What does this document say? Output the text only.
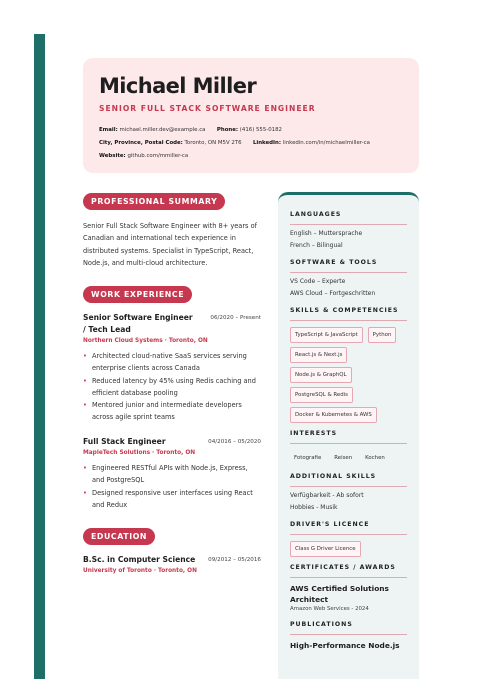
Michael Miller
SENIOR FULL STACK SOFTWARE ENGINEER
Email: michael.miller.dev@example.ca Phone: (416) 555-0182
City, Province, Postal Code: Toronto, ON M5V 2T6 LinkedIn: linkedin.com/in/michaelmiller-ca
Website: github.com/mmiller-ca
PROFESSIONAL SUMMARY
Senior Full Stack Software Engineer with 8+ years of Canadian and international tech experience in distributed systems. Specialist in TypeScript, React, Node.js, and multi-cloud architecture.
WORK EXPERIENCE
Senior Software Engineer / Tech Lead
06/2020 – Present
Northern Cloud Systems · Toronto, ON
• Architected cloud-native SaaS services serving enterprise clients across Canada
• Reduced latency by 45% using Redis caching and efficient database pooling
• Mentored junior and intermediate developers across agile sprint teams
Full Stack Engineer	04/2016 – 05/2020
MapleTech Solutions · Toronto, ON
• Engineered RESTful APIs with Node.js, Express, and PostgreSQL
• Designed responsive user interfaces using React and Redux
EDUCATION
B.Sc. in Computer Science 09/2012 – 05/2016
University of Toronto · Toronto, ON
LANGUAGES
English – Muttersprache
French – Bilingual
SOFTWARE & TOOLS
VS Code – Experte
AWS Cloud – Fortgeschritten
SKILLS & COMPETENCIES
TypeScript & JavaScript	Python
React.js & Next.js
Node.js & GraphQL
PostgreSQL & Redis
Docker & Kubernetes & AWS
INTERESTS
Fotografie	Reisen	Kochen
ADDITIONAL SKILLS
Verfügbarkeit - Ab sofort
Hobbies - Musik
DRIVER'S LICENCE
Class G Driver Licence
CERTIFICATES / AWARDS
AWS Certified Solutions Architect
Amazon Web Services - 2024
PUBLICATIONS
High-Performance Node.js
